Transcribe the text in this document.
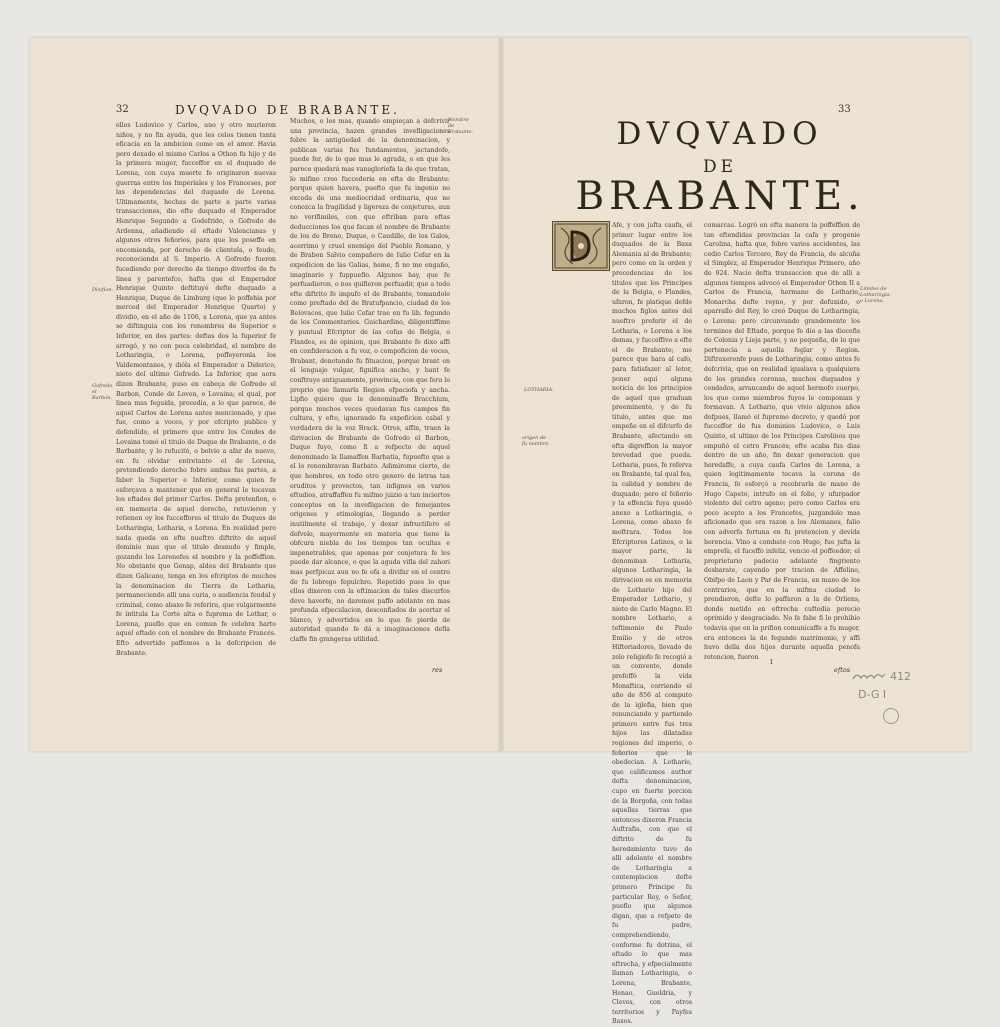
32	DVQVADO DE BRABANTE.

ellos Ludovico y Carlos, uno y otro murieron niños, y no fin ayuda, que les celos tienen tanta eficacia en la ambicion como en el amor. Havia pero dexado el mismo Carlos a Othon fu hijo y de la primera muger, fucceffor en el duquado de Lorena, con cuya muerte fe originaron nuevas guerras entre los Imperiales y los Franceses, por las dependencias del duquado de Lorena. Ultimamente, hechas de parte a parte varias transacciones, dio efte duquado el Emperador Henrique Segundo a Godefrido, o Gofredo de Ardenna, añadiendo el eftado Valencianas y algunos otros feñorios, para que los poseffe en encomienda, por derecho de clientela, o feudo, reconociendo al S. Imperio. A Gofredo fueron fucediendo por derecho de tiempo diverfos de fu linea y parentefco, hafta que el Emperador Henrique Quinto deftituyó defte duquado a Henrique, Duque de Limburg (que lo poffehia por merced del Emperador Henrique Quarto) y dividio, en el año de 1106, a Lorena, que ya antes se diftinguia con los renombres de Superior e Inferior, en dos partes: deftas dos la fuperior fe arrogó, y no con poca celebridad, el nombre de Lotharingia, o Lorena, poffeyeronla los Valdemontanos, y dióla el Emperador a Diderico, nieto del ultimo Gofredo. La Inferior, que aora dizen Brabante, puso en cabeça de Gofredo el Barbon, Conde de Loven, o Lovaina; el qual, por linea mas feguida, procedía, a lo que parece, de aquel Carlos de Lorena antes mencionado, y que fue, como a voces, y por efcripto publico y defendido, el primero que entre los Condes de Lovaina tomó el titulo de Duque de Brabante, o de Barbante, y lo refucitó, o bolvio a afar de nuevo, en fu olvidar entretanto el de Lorena, pretendiendo derecho fobre ambas fus partes, a faber la Superior e Inferior, como quien fe esforçava a mantener que en general le tocavan los eftados del primer Carlos. Defta pretenfion, o en memoria de aquel derecho, retuvieron y retienen oy los fucceffores el titulo de Duques de Lotharingia, Lotharia, o Lorena. En realidad pero nada queda en efte nueftro diftrito de aquel dominio mas que el titulo desnudo y fimple, gozando los Lorenefes el nombre y la poffeffion. No obstante que Genap, aldea del Brabante que dizen Galicano, tenga en los efcriptos de muchos la denominacion de Tierra de Lotharia, permaneciendo alli una curia, o audiencia feudal y criminal, como abaxo fe referira, que vulgarmente fe intitula La Corte alta o fuprema de Lothar, o Lorena, pueflo que en comun fe celebra harto aquel eftado con el nombre de Brabante Francés. Efto advertido paffemos a la defcripcion de Brabante.

Muchos, o los mas, quando empieçan a defcrivir una provincia, hazen grandes invefligaciones fobre la antigüedad de la denominacion, y publican varias fus fundamentos, jactandofe, puede fer, de lo que mas le agrada, o en que les parece quedará mas vanagloriofa la de que tratan, lo mifmo creo fuccederia en efta de Brabante: porque quien havera, puefto que fu ingenio no exceda de una mediocridad ordinaria, que no conozca la fragilidad y ligereza de conjeturas, aun no verifimiles, con que eftriban para eftas deducciones los que facan el nombre de Brabante de los de Breno, Duque, o Caudillo, de los Galos, acerrimo y cruel enemigo del Pueblo Romano, y de Brabon Salvio compañero de Iulio Cefar en la expedicion de las Galias, heme, fi no me engaño, imaginario y fuppueflo. Algunos hay, que fe perfuadieron, o nos quifieron perfuadir, que a todo efte diftrito fe impufo el de Brabante, tomandolo como preftado del de Bratufpancio, ciudad de los Belovacos, que Iulio Cefar trae en fu lib. fegundo de los Commentarios. Guichardino, diligentiffimo y puntual Efcriptor de las cofas de Belgia, o Flandes, es de opinion, que Brabante fe dixo affi en confideracion a fu voz, o compoficion de voces, Brabant, denotando fu fituacion, porque brant en el lenguaje vulgar, fignifica ancho, y bant fe conftruye antiguamente, provincia, con que fera lo proprio que llamarla Region efpaciofa y ancha. Lipfio quiere que le denominaffe Bracchium, porque muchos veces quedavan fus campos fin cultura, y efto, ignorando fu expoficion cabal y verdadera de la voz Brack. Otros, affin, traen la dirivacion de Brabante de Gofredo el Barbon, Duque fuyo, como fi a refpecto de aquel denominado la llamaffen Barbatia, fupuefto que a el lo renombravan Barbato. Adimirome cierto, de que hombres, en todo otro genero de letras tan eruditos y provectos, tan infignes en varios eftudios, atraffaffen fu mifmo juizio a tan inciertos conceptos en la invefligacion de femejantes origenes y etimologias, llegando a perder inutilmente el trabajo, y dexar infructifero el defvelo, mayormente en materia que tiene la obfcura niebla de los tiempos tan ocultas e impenetrables, que apenas por conjetura fe les puede dar alcance, o que la aguda vifla del zahori mas perfpicaz aun no fe ofa a divifar en el centro de fu lobrego fepulchro. Repetido pues lo que ellos dixeron con la eftimacion de tales discurfos deve haverfe, no daremos paffo adelante en mas profunda efpeculacion, desconfiados de acertar el blanco, y advertidos en lo que fe pierde de autoridad quando fe dá a imaginaciones defla claffe fin grangeras utilidad.

Divifion.
Gofredo el Barbon.
Nombre de Brabante.
res
33
DVQVADO
DE
BRABANTE.

Afe, y con jufta caufa, el primer lugar entre los duquados de la Baxa Alemania al de Brabante; pero como en la orden y precedencias de los titulos que los Principes de la Belgia, o Flandes, ufaron, fe platique defde muchos figlos antes del nueftro preferir el de Lotharia, o Lorena a los demas, y fucceffivo a efte el de Brabante; me parece que hara al cafo, para fatisfazer al letor, poner aqui alguna noticia de los principios de aquel que graduan preeminente, y de fu titulo, antes que me empeñe en el difcurfo de Brabante, afectando en efta digreffion la mayor brevedad que pueda. Lotharia, pues, fe referva en Brabante, tal qual fea, la calidad y nombre de duquado; pero el feñorio y la effencia fuya quedó anexo a Lotharingia, o Lorena, como abaxo fe moftrara. Todos los Efcriptores Latinos, o la mayor parte, la denominan Lotharia, algunos Lotharingia, la dirivacion es en memoria de Lothario hijo del Emperador Lothario, y nieto de Carlo Magno. El nombre Lothario, a teftimonio de Paulo Emilio y de otros Hiftoriadores, llevado de zelo religiofo fe recogió a un convento, donde profeffó la vida Monaftica, corriendo el año de 856 al computo de la iglefia, bien que renunciando y partiendo primero entre fus tres hijos las dilatadas regiones del imperio, o feñorios que le obedecian. A Lothario, que calificamos author defta denominacion, cupo en fuerte porcion de la Borgoña, con todas aquellas tierras que entonces dixeron Francia Auftrafia, con que el diftrito de fu heredamiento tuvo de alli adelante el nombre de Lotharingia a contemplacion defte primero Principe fu particular Rey, o Señor, pueflo que algunos digan, que a refpeto de fu padre, comprehendiendo, conforme fu dotrina, el eftado lo que mas eftrecha, y efpecialmente llaman Lotharingia, o Lorena, Brabante, Henao, Gueldria, y Cleves, con otros territorios y Payfes Baxos.

comarcas. Logró en efta manera la poffeffion de tan eftendidas provincias la cafa y progenie Carolina, hafta que, fobre varios accidentes, las cedio Carlos Tercero, Rey de Francia, de alcuña el Simplez, al Emperador Henrique Primero, año de 924. Nacio defta transaccion que de alli a algunos tiempos advocó el Emperador Othon II a Carlos de Francia, hermano de Lothario, Monarcha defte reyno, y por defunido, o aparrallo del Rey, lo creó Duque de Lotharingia, o Lorena: pero circunvando grandemente los terminos del Eftado, porque fe dio a las diocefis de Colonia y Lieja parte, y no pequeña, de lo que pertenecia a aquella feglar y Region. Diftraxeronfe pues de Lotharingia, como antes fe defcrivia, que en realidad igualava a qualquiera de los grandes coronas, muchos duquados y condados, arrancando de aquel hermofo cuerpo, los que como miembros fuyos le componian y formavan. A Lothario, que vivio algunos años defpues, llamó el fupremo decreto, y quedó por fucceffor de fus dominios Ludovico, o Luis Quinto, el ultimo de los Principes Carolinos que empuñó el cetro Francés; efte acaba fus dias dentro de un año, fin dexar generacion que heredaffe, a cuya caufa Carlos de Lorena, a quien legitimamente tocava la corona de Francia, fe esforçó a recobrarla de mano de Hugo Capeto, intrufo en el folio, y ufurpador violento del cetro ageno; pero como Carlos era poco acepto a los Francefes, juzgandolo mas aficionado que era razon a los Alemanes, falio con adverfa fortuna en fu pretencion y devida herencia. Vino a combate con Hugo, fue jufta la emprefa, el fuceffo infeliz, vencio el poffeedor; el proprietario padecio adelante fingriento desbarate, cayendo por tracion de Affelino, Obifpo de Laon y Par de Francia, en mano de los contrarios, que en la mifma ciudad lo prendieron, defte lo paffaron a la de Orliens, donde metido en eftrecha cuftodia perecio oprimido y desgraciado. No fe fabe fi lo prohibio todavia que en la prifion comunicaffe a fu muger, era entonces la de fegundo matrimonio, y affi huvo della dos hijos durante aquella penofa retencion, fueron

LOTHARIA.
origen de fu nombre.
Limites de Lotharingia, o Lorena.
eftos
I
412
D-G I
